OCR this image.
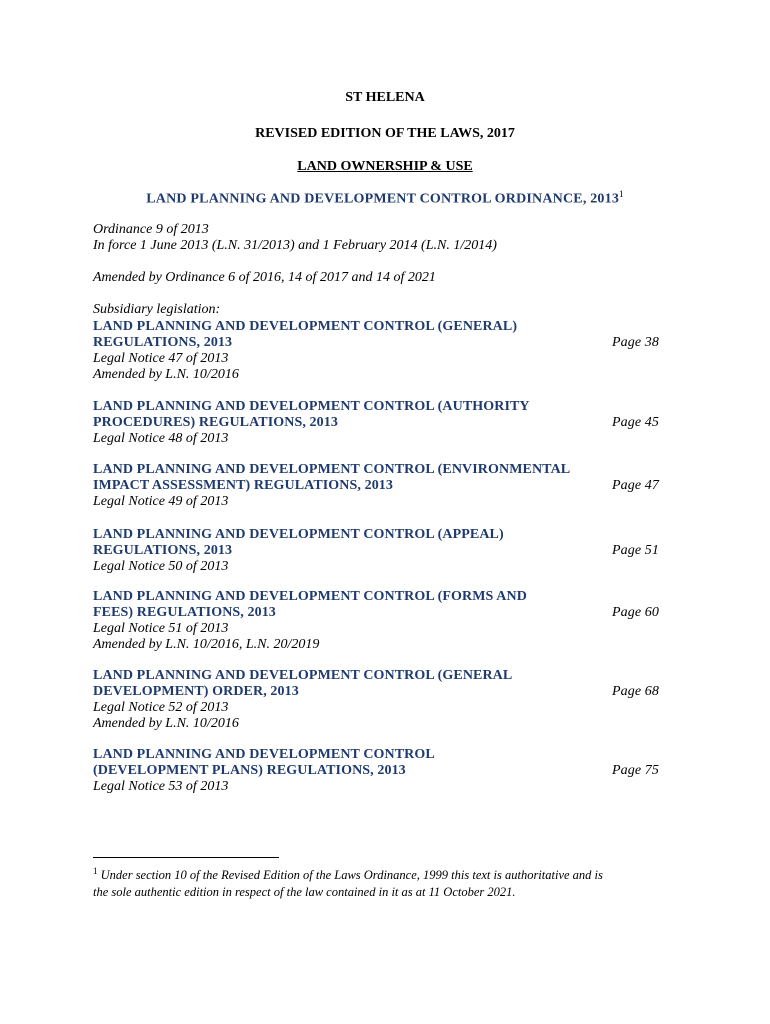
ST HELENA
REVISED EDITION OF THE LAWS, 2017
LAND OWNERSHIP & USE
LAND PLANNING AND DEVELOPMENT CONTROL ORDINANCE, 2013$^1$
Ordinance 9 of 2013
In force 1 June 2013 (L.N. 31/2013) and 1 February 2014 (L.N. 1/2014)
Amended by Ordinance 6 of 2016, 14 of 2017 and 14 of 2021
Subsidiary legislation:
LAND PLANNING AND DEVELOPMENT CONTROL (GENERAL)
REGULATIONS, 2013	Page 38
Legal Notice 47 of 2013
Amended by L.N. 10/2016
LAND PLANNING AND DEVELOPMENT CONTROL (AUTHORITY
PROCEDURES) REGULATIONS, 2013	Page 45
Legal Notice 48 of 2013
LAND PLANNING AND DEVELOPMENT CONTROL (ENVIRONMENTAL
IMPACT ASSESSMENT) REGULATIONS, 2013	Page 47
Legal Notice 49 of 2013
LAND PLANNING AND DEVELOPMENT CONTROL (APPEAL)
REGULATIONS, 2013	Page 51
Legal Notice 50 of 2013
LAND PLANNING AND DEVELOPMENT CONTROL (FORMS AND
FEES) REGULATIONS, 2013	Page 60
Legal Notice 51 of 2013
Amended by L.N. 10/2016, L.N. 20/2019
LAND PLANNING AND DEVELOPMENT CONTROL (GENERAL
DEVELOPMENT) ORDER, 2013	Page 68
Legal Notice 52 of 2013
Amended by L.N. 10/2016
LAND PLANNING AND DEVELOPMENT CONTROL
(DEVELOPMENT PLANS) REGULATIONS, 2013	Page 75
Legal Notice 53 of 2013
$^1$ Under section 10 of the Revised Edition of the Laws Ordinance, 1999 this text is authoritative and is
the sole authentic edition in respect of the law contained in it as at 11 October 2021.
